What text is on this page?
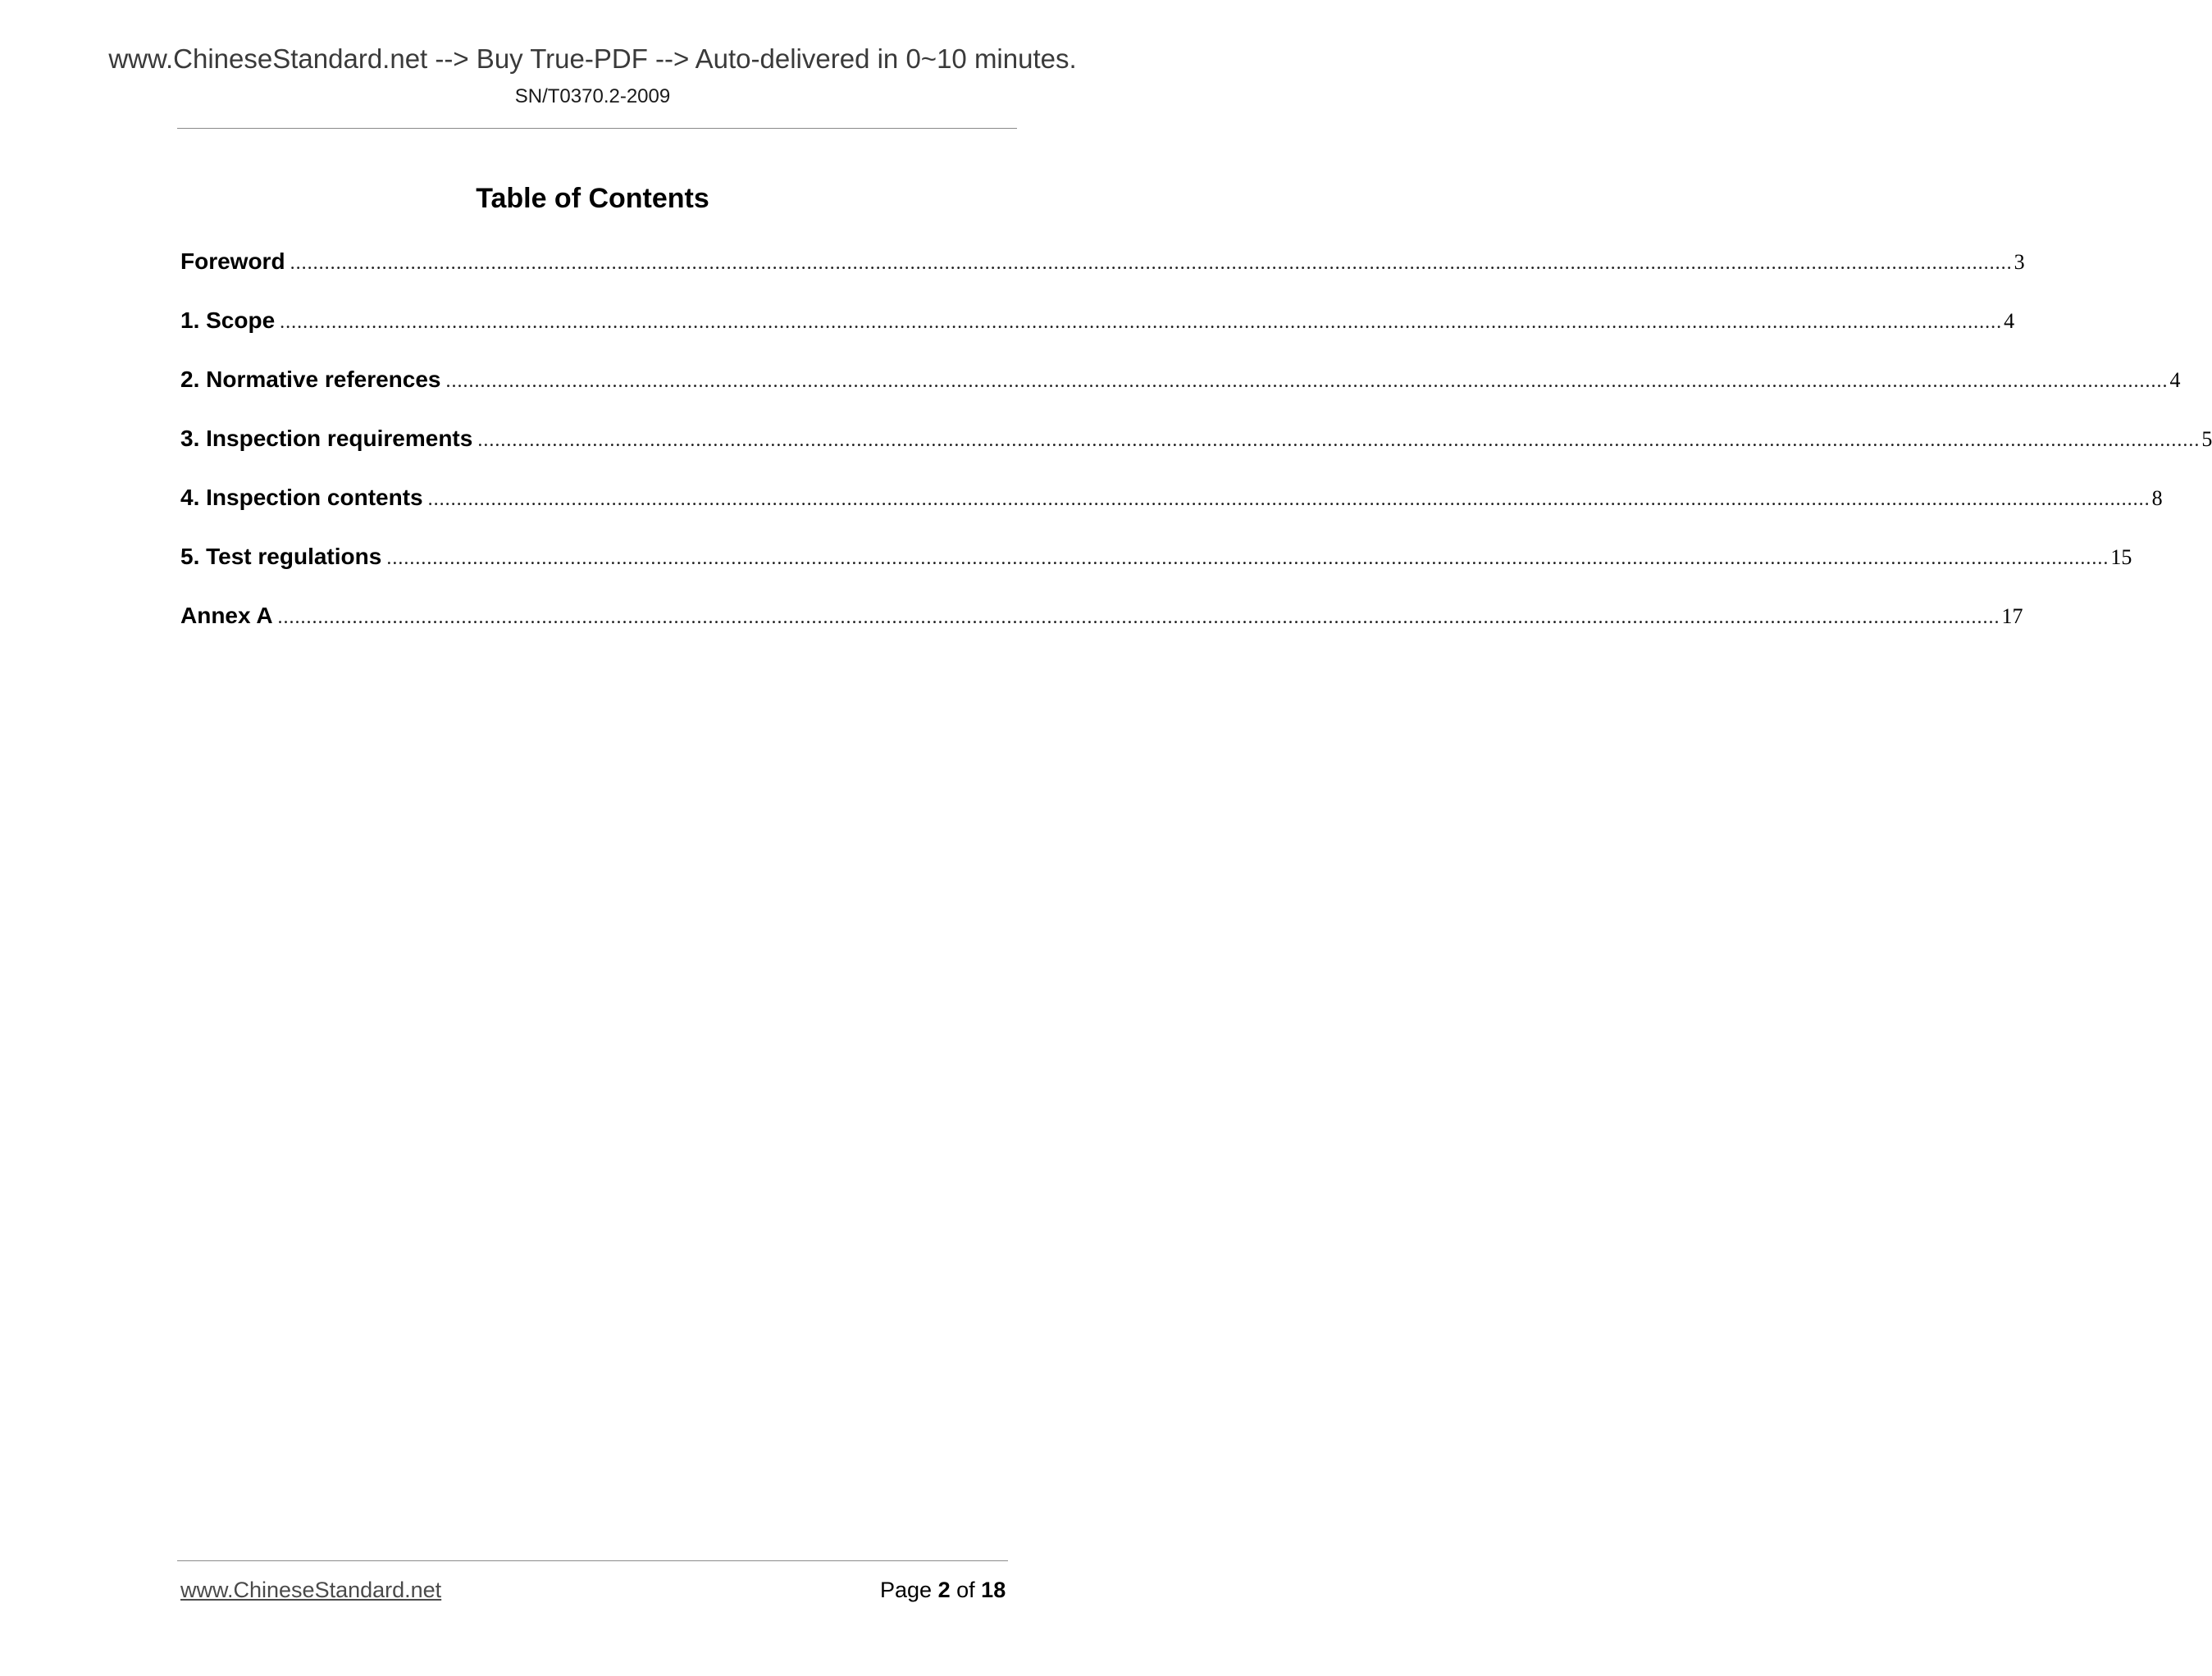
www.ChineseStandard.net --> Buy True-PDF --> Auto-delivered in 0~10 minutes.
SN/T0370.2-2009
Table of Contents
Foreword ............................................................................................................................................................................................................................................................................................................ 3
1. Scope ............................................................................................................................................................................................................................................................................................................ 4
2. Normative references ............................................................................................................................................................................................................................................................................................................ 4
3. Inspection requirements ............................................................................................................................................................................................................................................................................................................ 5
4. Inspection contents ............................................................................................................................................................................................................................................................................................................ 8
5. Test regulations ............................................................................................................................................................................................................................................................................................................ 15
Annex A ............................................................................................................................................................................................................................................................................................................ 17
www.ChineseStandard.net	Page 2 of 18
